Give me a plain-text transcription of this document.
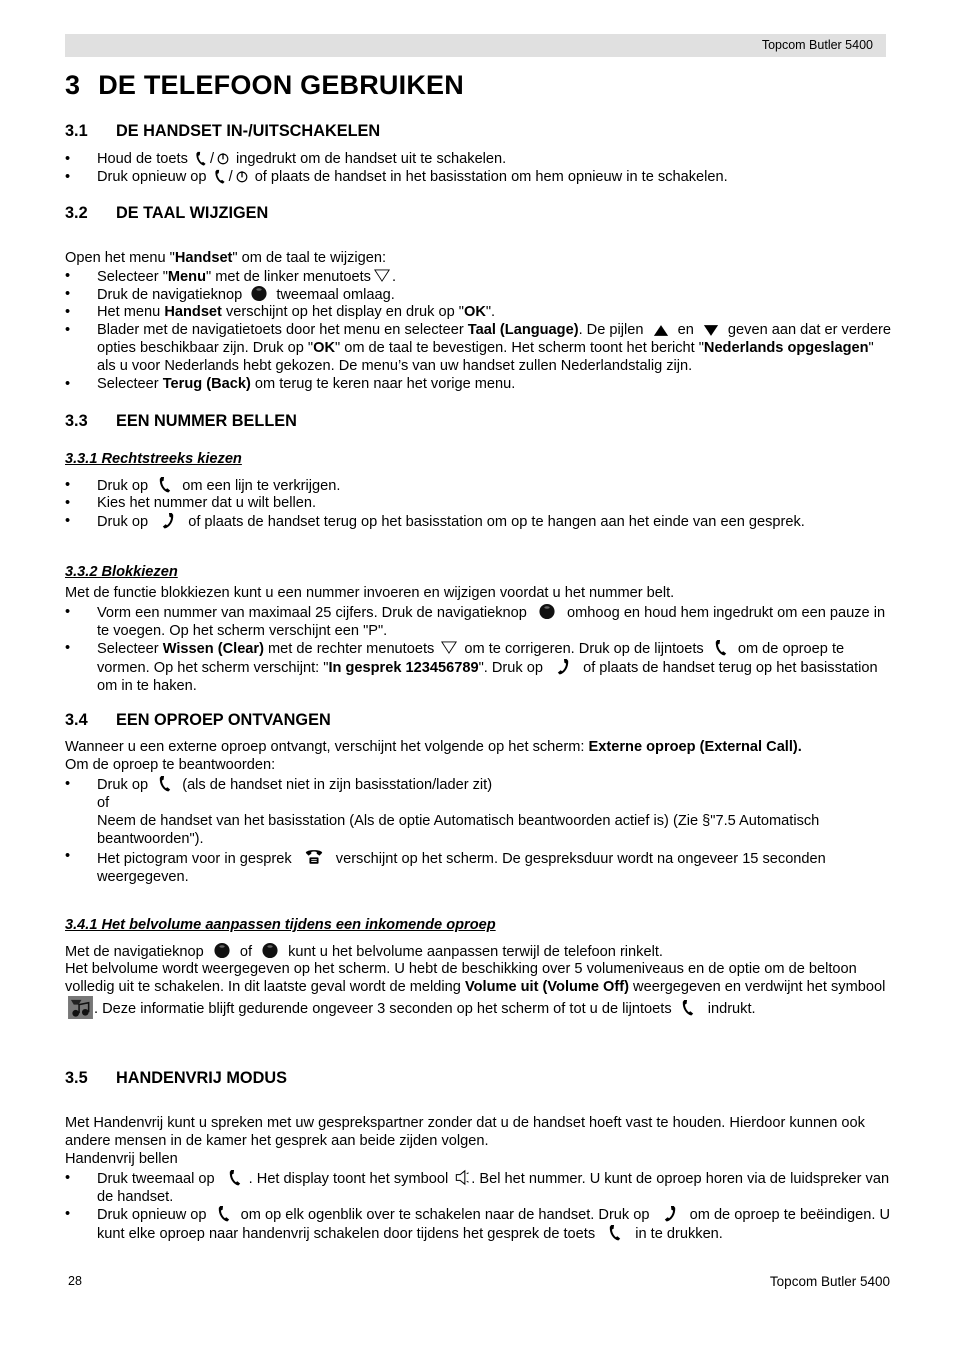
Topcom Butler 5400
3 DE TELEFOON GEBRUIKEN
3.1 DE HANDSET IN-/UITSCHAKELEN
• Houd de toets
/
ingedrukt om de handset uit te schakelen.
• Druk opnieuw op
/
of plaats de handset in het basisstation om hem opnieuw in te schakelen.
3.2 DE TAAL WIJZIGEN

Open het menu "Handset" om de taal te wijzigen:

• Selecteer "Menu" met de linker menutoets .
• Druk de navigatieknop
tweemaal omlaag.
• Het menu Handset verschijnt op het display en druk op "OK".
• Blader met de navigatietoets door het menu en selecteer Taal (Language). De pijlen
en
geven aan dat er verdere opties beschikbaar zijn. Druk op "OK" om de taal te bevestigen. Het scherm toont het bericht "Nederlands opgeslagen" als u voor Nederlands hebt gekozen. De menu’s van uw handset zullen Nederlandstalig zijn.
• Selecteer Terug (Back) om terug te keren naar het vorige menu.
3.3 EEN NUMMER BELLEN
3.3.1 Rechtstreeks kiezen
• Druk op
om een lijn te verkrijgen.
• Kies het nummer dat u wilt bellen.
• Druk op
of plaats de handset terug op het basisstation om op te hangen aan het einde van een gesprek.
3.3.2 Blokkiezen

Met de functie blokkiezen kunt u een nummer invoeren en wijzigen voordat u het nummer belt.

• Vorm een nummer van maximaal 25 cijfers. Druk de navigatieknop
omhoog en houd hem ingedrukt om een pauze in te voegen. Op het scherm verschijnt een "P".
• Selecteer Wissen (Clear) met de rechter menutoets
om te corrigeren. Druk op de lijntoets
om de oproep te vormen. Op het scherm verschijnt: "In gesprek 123456789". Druk op
of plaats de handset terug op het basisstation om in te haken.
3.4 EEN OPROEP ONTVANGEN

Wanneer u een externe oproep ontvangt, verschijnt het volgende op het scherm: Externe oproep (External Call).
Om de oproep te beantwoorden:

• Druk op
(als de handset niet in zijn basisstation/lader zit)
of
Neem de handset van het basisstation (Als de optie Automatisch beantwoorden actief is) (Zie §"7.5 Automatisch beantwoorden").
• Het pictogram voor in gesprek
verschijnt op het scherm. De gespreksduur wordt na ongeveer 15 seconden weergegeven.
3.4.1 Het belvolume aanpassen tijdens een inkomende oproep

Met de navigatieknop
of
kunt u het belvolume aanpassen terwijl de telefoon rinkelt.

Het belvolume wordt weergegeven op het scherm. U hebt de beschikking over 5 volumeniveaus en de optie om de beltoon volledig uit te schakelen. In dit laatste geval wordt de melding Volume uit (Volume Off) weergegeven en verdwijnt het symbool
. Deze informatie blijft gedurende ongeveer 3 seconden op het scherm of tot u de lijntoets
indrukt.

3.5 HANDENVRIJ MODUS

Met Handenvrij kunt u spreken met uw gesprekspartner zonder dat u de handset hoeft vast te houden. Hierdoor kunnen ook andere mensen in de kamer het gesprek aan beide zijden volgen.

Handenvrij bellen

• Druk tweemaal op
. Het display toont het symbool
. Bel het nummer. U kunt de oproep horen via de luidspreker van de handset.
• Druk opnieuw op
om op elk ogenblik over te schakelen naar de handset. Druk op
om de oproep te beëindigen. U kunt elke oproep naar handenvrij schakelen door tijdens het gesprek de toets
in te drukken.
28	Topcom Butler 5400
